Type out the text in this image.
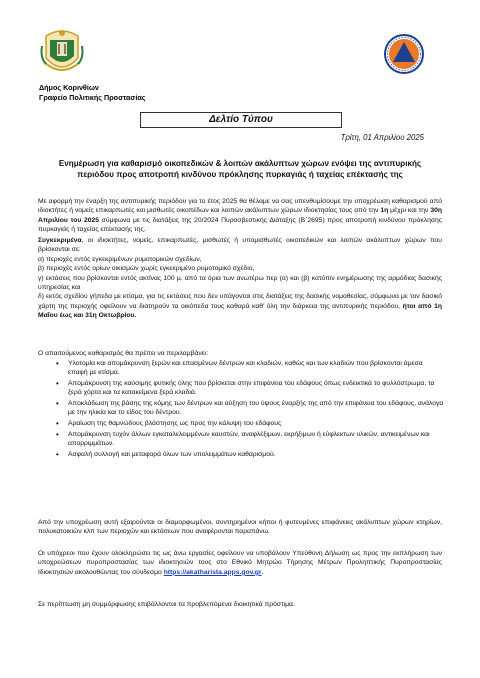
Δήμος Κορινθίων
Γραφείο Πολιτικής Προστασίας
Δελτίο Τύπου
Τρίτη, 01 Απριλίου 2025
Ενημέρωση για καθαρισμό οικοπεδικών & λοιπών ακάλυπτων χώρων ενόψει της αντιπυρικής περιόδου προς αποτροπή κινδύνου πρόκλησης πυρκαγιάς ή ταχείας επέκτασής της

Με αφορμή την έναρξη της αντιπυρικής περιόδου για το έτος 2025 θα θέλαμε να σας υπενθυμίσουμε την υποχρέωση καθαρισμού από ιδιοκτήτες ή νομείς επικαρπωτές και μισθωτές οικοπέδων και λοιπών ακάλυπτων χώρων ιδιοκτησίας τους από την 1η μέχρι και την 30η Απριλίου του 2025 σύμφωνα με τις διατάξεις της 20/2024 Πυροσβεστικής Διάταξης (Β΄2695) προς αποτροπή κινδύνου πρόκλησης πυρκαγιάς ή ταχείας επέκτασής της.

Συγκεκριμένα, οι ιδιοκτήτες, νομείς, επικαρπωτές, μισθωτές ή υπομισθωτές οικοπεδικών και λοιπών ακάλυπτων χώρων που βρίσκονται σε:

α) περιοχές εντός εγκεκριμένων ρυμοτομικών σχεδίων,

β) περιοχές εντός ορίων οικισμών χωρίς εγκεκριμένο ρυμοτομικό σχέδιο,

γ) εκτάσεις που βρίσκονται εντός ακτίνας 100 μ. από τα όρια των ανωτέρω περ (α) και (β) κατόπιν ενημέρωσης της αρμόδιας δασικής υπηρεσίας και

δ) εκτός σχεδίου γήπεδα με κτίσμα, για τις εκτάσεις που δεν υπάγονται στις διατάξεις της δασικής νομοθεσίας, σύμφωνα με τον δασικό χάρτη της περιοχής οφείλουν να διατηρούν τα οικόπεδα τους καθαρά καθ’ όλη την διάρκεια της αντιπυρικής περιόδου, ήτοι από 1η Μαΐου έως και 31η Οκτωβρίου.

Ο απαιτούμενος καθαρισμός θα πρέπει να περιλαμβάνει:
• Υλοτομία και απομάκρυνση ξερών και επασμένων δέντρων και κλαδιών, καθώς και των κλαδιών που βρίσκονται άμεσα επαφή με κτίσμα.
• Απομάκρυνση της καύσιμης φυτικής ύλης που βρίσκεται στην επιφάνεια του εδάφους όπως ενδεικτικά το φυλλόστρωμα, τα ξερά χόρτα και τα κατακείμενα ξερά κλαδιά.
• Αποκλάδωση της βάσης της κόμης των δέντρων και αύξηση του ύψους έναρξής της από την επιφάνεια του εδάφους, ανάλογα με την ηλικία και το είδος του δέντρου.
• Αραίωση της θαμνώδους βλάστησης ως προς την κάλυψη του εδάφους
• Απομάκρυνση τυχόν άλλων εγκαταλελειμμένων καυστών, αναφλέξιμων, εκρήξιμων ή εύφλεκτων υλικών, αντικειμένων και απορριμμάτων.
• Ασφαλή συλλογή και μεταφορά όλων των υπολειμμάτων καθαρισμού.
Από την υποχρέωση αυτή εξαιρούνται οι διαμορφωμένοι, συντηρημένοι κήποι ή φυτευμένες επιφάνειες ακάλυπτων χώρων κτηρίων, πολυκατοικιών κλπ των περιοχών και εκτάσεων που αναφέρονται παραπάνω.

Οι υπόχρεοι που έχουν ολοκληρώσει τις ως άνω εργασίες οφείλουν να υποβάλουν Υπεύθυνη Δήλωση ως προς την εκπλήρωση των υποχρεώσεων πυροπροστασίας των ιδιοκτησιών τους στο Εθνικό Μητρώο Τήρησης Μέτρων Προληπτικής Πυροπροστασίας Ιδιοκτησιών ακολουθώντας τον σύνδεσμο https://akatharista.apps.gov.gr.

Σε περίπτωση μη συμμόρφωσης επιβάλλονται τα προβλεπόμενα διοικητικά πρόστιμα.
